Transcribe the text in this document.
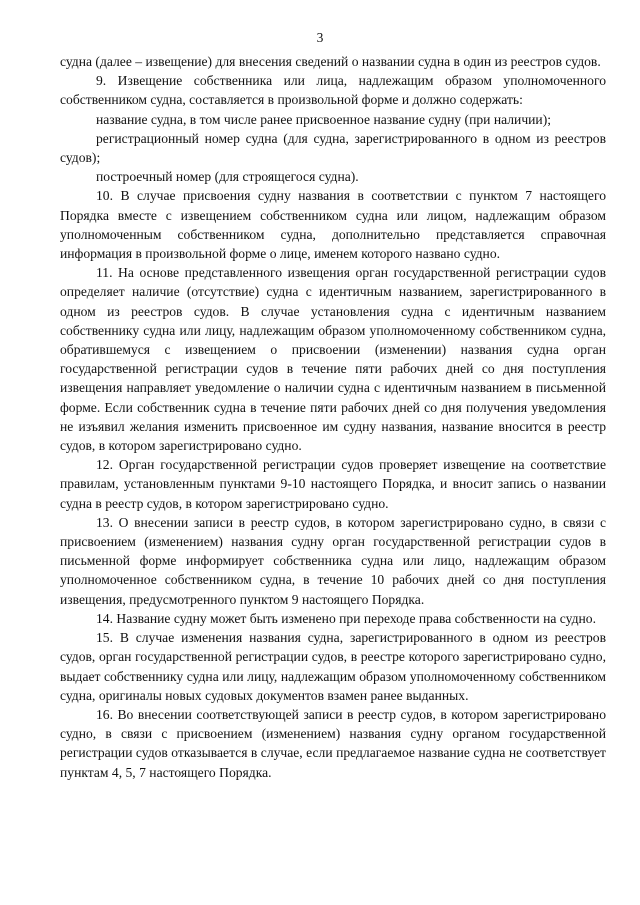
3

судна (далее – извещение) для внесения сведений о названии судна в один из реестров судов.

9. Извещение собственника или лица, надлежащим образом уполномоченного собственником судна, составляется в произвольной форме и должно содержать:

название судна, в том числе ранее присвоенное название судну (при наличии);

регистрационный номер судна (для судна, зарегистрированного в одном из реестров судов);

построечный номер (для строящегося судна).

10. В случае присвоения судну названия в соответствии с пунктом 7 настоящего Порядка вместе с извещением собственником судна или лицом, надлежащим образом уполномоченным собственником судна, дополнительно представляется справочная информация в произвольной форме о лице, именем которого названо судно.

11. На основе представленного извещения орган государственной регистрации судов определяет наличие (отсутствие) судна с идентичным названием, зарегистрированного в одном из реестров судов. В случае установления судна с идентичным названием собственнику судна или лицу, надлежащим образом уполномоченному собственником судна, обратившемуся с извещением о присвоении (изменении) названия судна орган государственной регистрации судов в течение пяти рабочих дней со дня поступления извещения направляет уведомление о наличии судна с идентичным названием в письменной форме. Если собственник судна в течение пяти рабочих дней со дня получения уведомления не изъявил желания изменить присвоенное им судну названия, название вносится в реестр судов, в котором зарегистрировано судно.

12. Орган государственной регистрации судов проверяет извещение на соответствие правилам, установленным пунктами 9-10 настоящего Порядка, и вносит запись о названии судна в реестр судов, в котором зарегистрировано судно.

13. О внесении записи в реестр судов, в котором зарегистрировано судно, в связи с присвоением (изменением) названия судну орган государственной регистрации судов в письменной форме информирует собственника судна или лицо, надлежащим образом уполномоченное собственником судна, в течение 10 рабочих дней со дня поступления извещения, предусмотренного пунктом 9 настоящего Порядка.

14. Название судну может быть изменено при переходе права собственности на судно.

15. В случае изменения названия судна, зарегистрированного в одном из реестров судов, орган государственной регистрации судов, в реестре которого зарегистрировано судно, выдает собственнику судна или лицу, надлежащим образом уполномоченному собственником судна, оригиналы новых судовых документов взамен ранее выданных.

16. Во внесении соответствующей записи в реестр судов, в котором зарегистрировано судно, в связи с присвоением (изменением) названия судну органом государственной регистрации судов отказывается в случае, если предлагаемое название судна не соответствует пунктам 4, 5, 7 настоящего Порядка.
